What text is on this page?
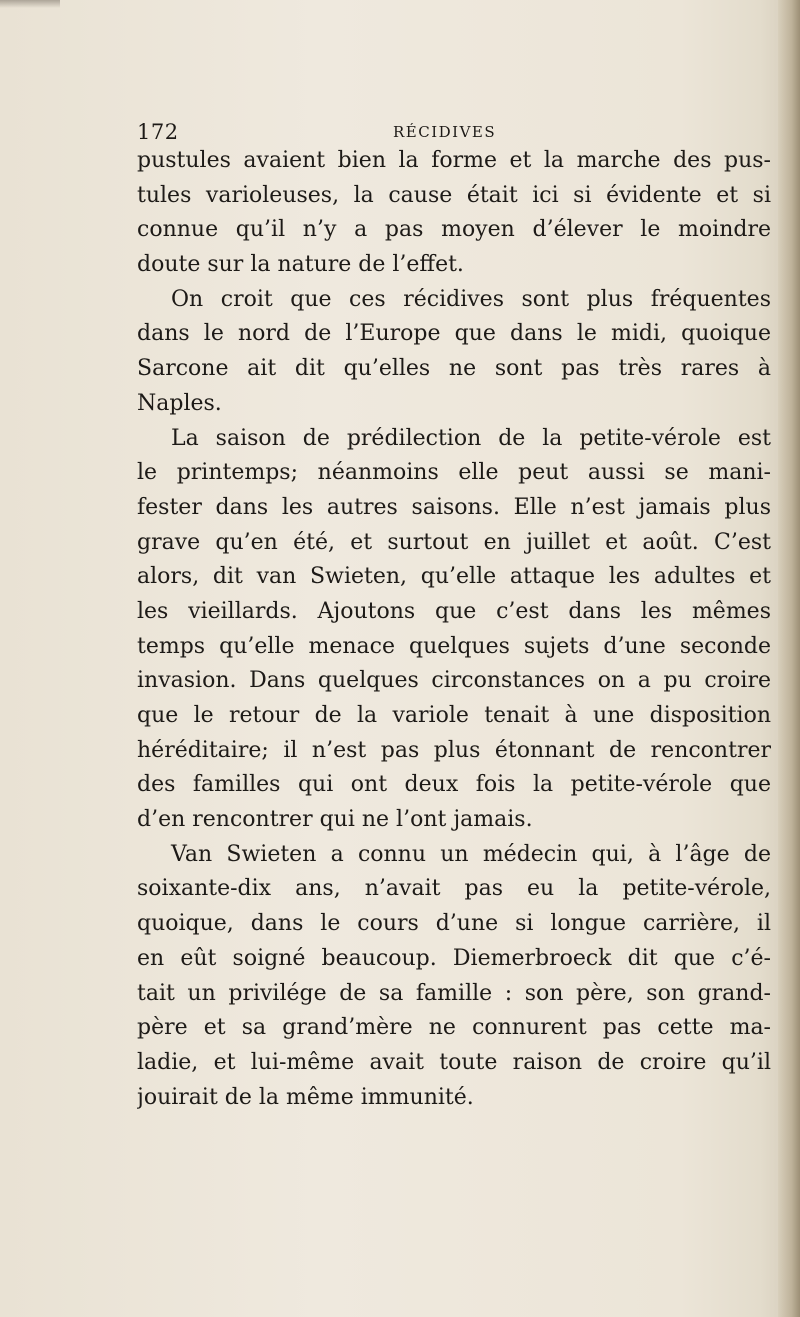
172	RÉCIDIVES
pustules avaient bien la forme et la marche des pus-
tules varioleuses, la cause était ici si évidente et si
connue qu’il n’y a pas moyen d’élever le moindre
doute sur la nature de l’effet.
On croit que ces récidives sont plus fréquentes
dans le nord de l’Europe que dans le midi, quoique
Sarcone ait dit qu’elles ne sont pas très rares à
Naples.
La saison de prédilection de la petite-vérole est
le printemps; néanmoins elle peut aussi se mani-
fester dans les autres saisons. Elle n’est jamais plus
grave qu’en été, et surtout en juillet et août. C’est
alors, dit van Swieten, qu’elle attaque les adultes et
les vieillards. Ajoutons que c’est dans les mêmes
temps qu’elle menace quelques sujets d’une seconde
invasion. Dans quelques circonstances on a pu croire
que le retour de la variole tenait à une disposition
héréditaire; il n’est pas plus étonnant de rencontrer
des familles qui ont deux fois la petite-vérole que
d’en rencontrer qui ne l’ont jamais.
Van Swieten a connu un médecin qui, à l’âge de
soixante-dix ans, n’avait pas eu la petite-vérole,
quoique, dans le cours d’une si longue carrière, il
en eût soigné beaucoup. Diemerbroeck dit que c’é-
tait un privilége de sa famille : son père, son grand-
père et sa grand’mère ne connurent pas cette ma-
ladie, et lui-même avait toute raison de croire qu’il
jouirait de la même immunité.
